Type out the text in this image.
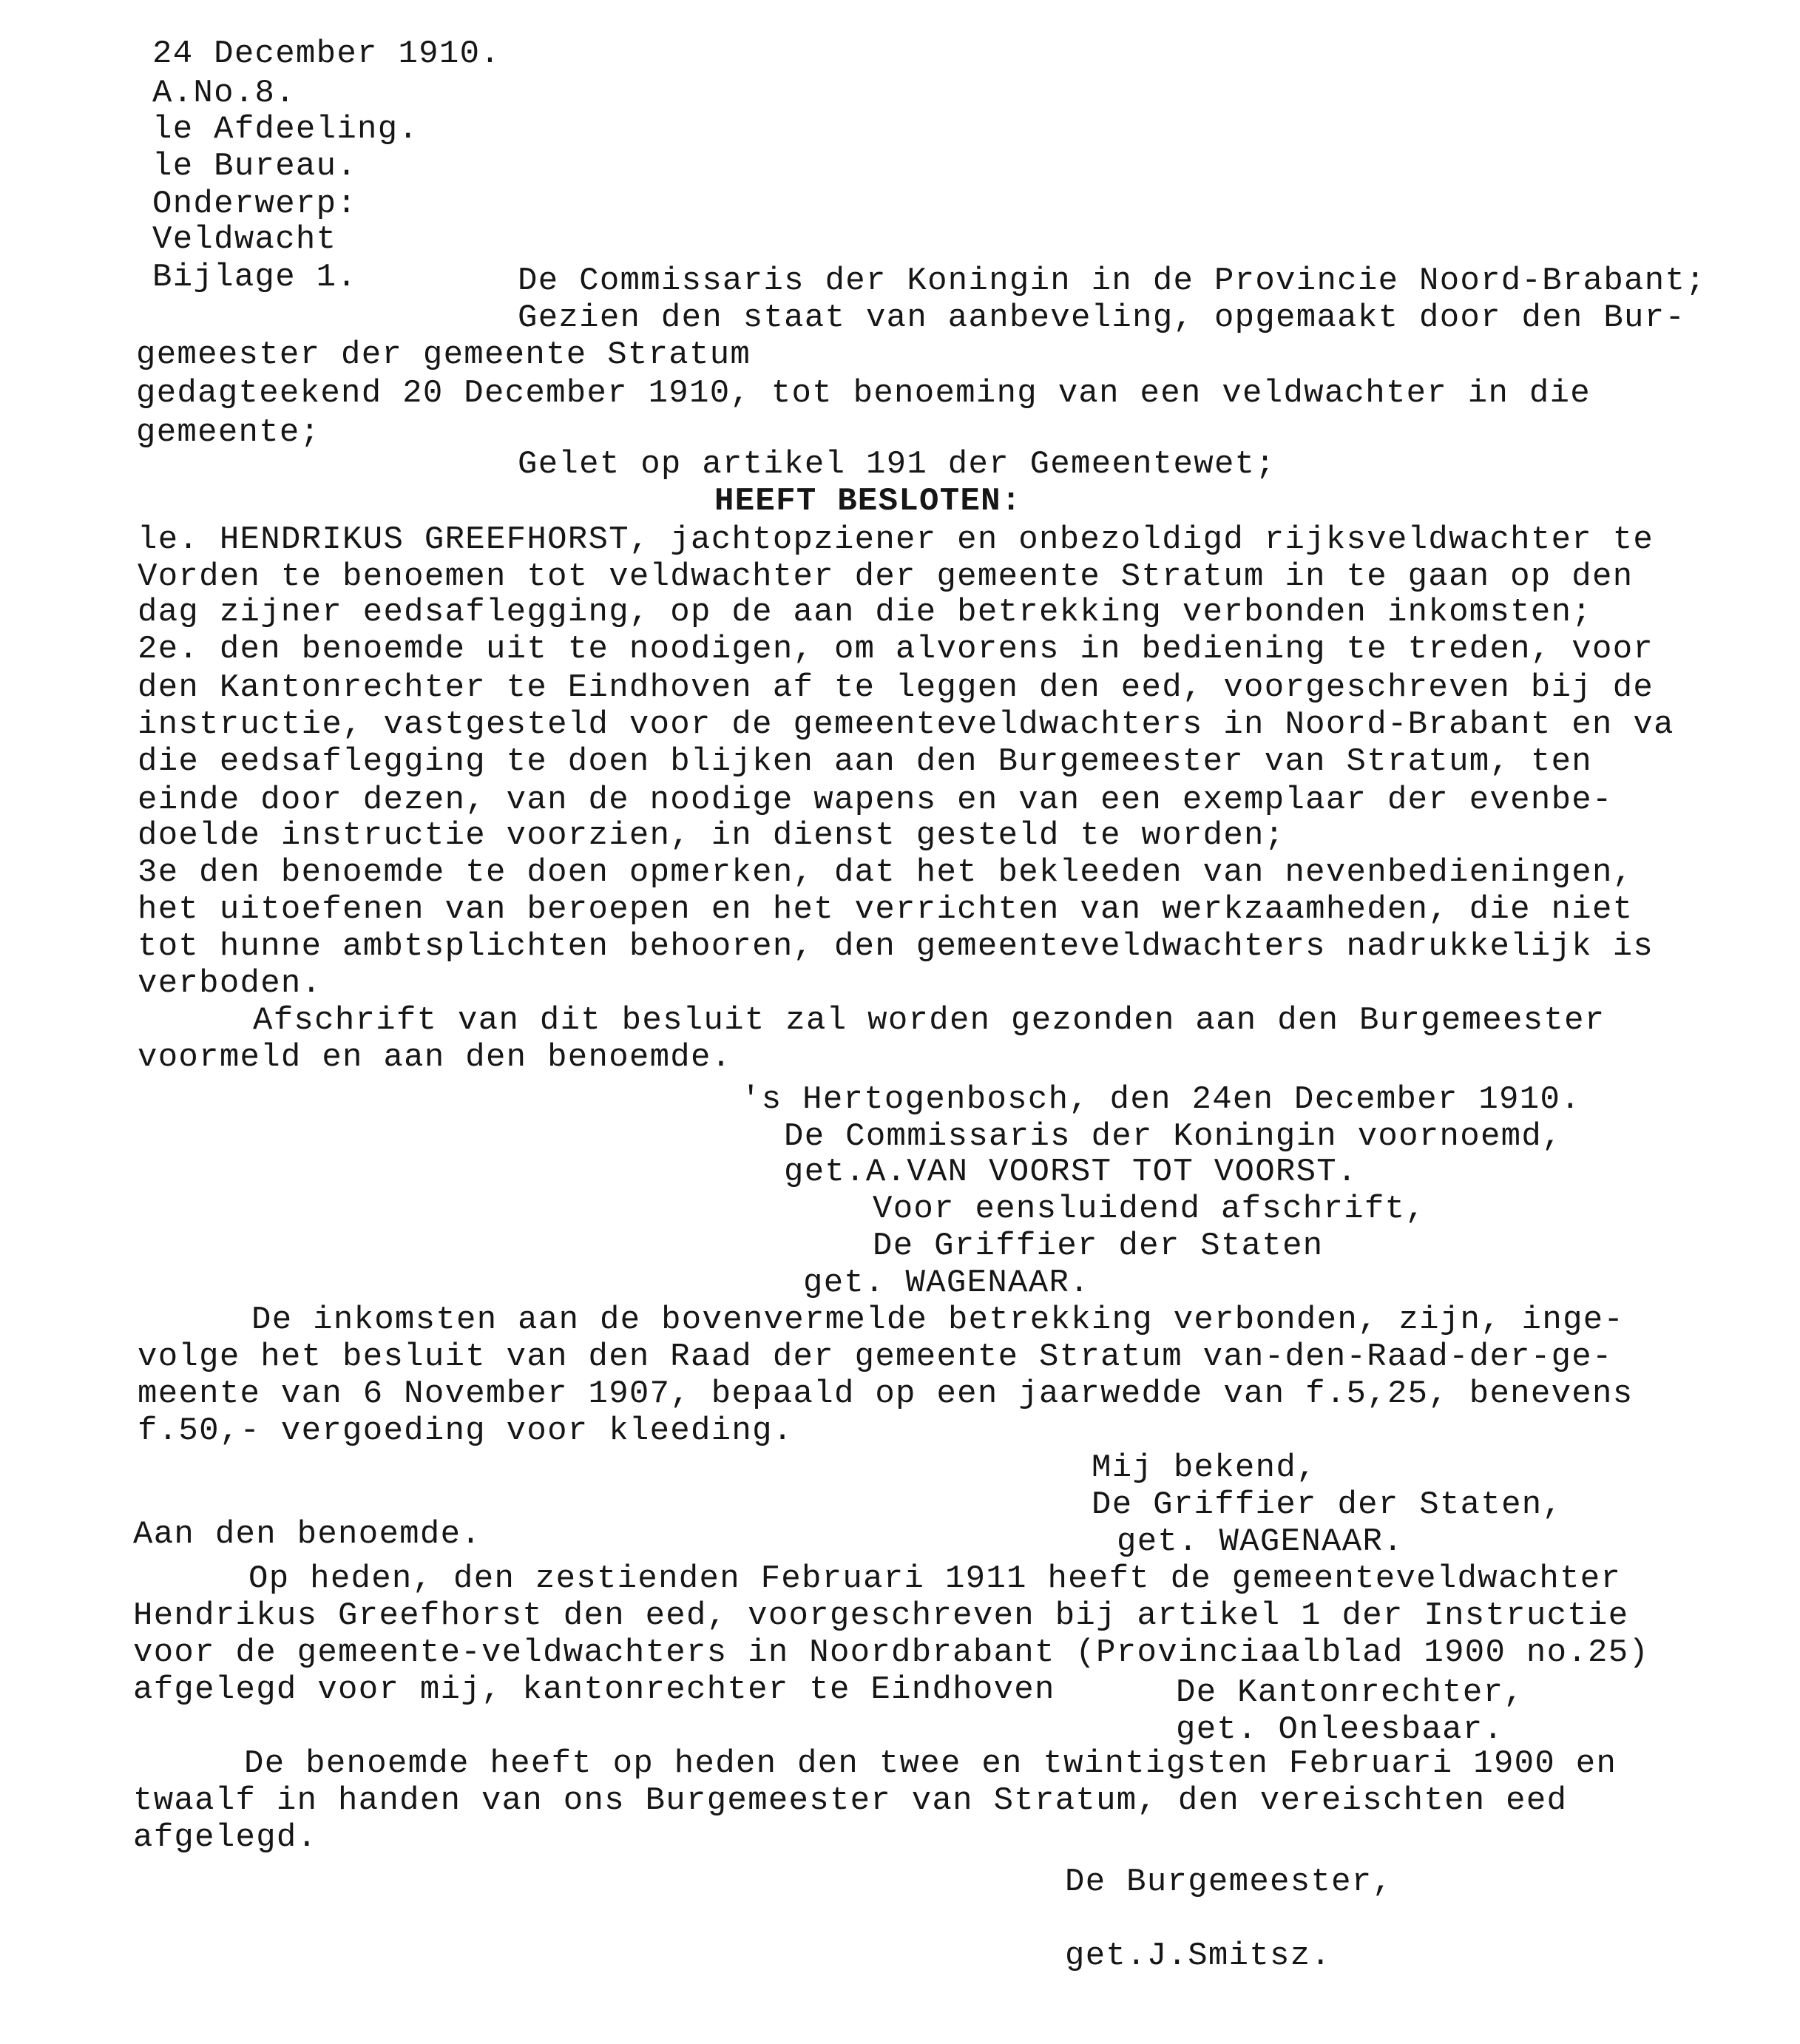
24 December 1910.
A.No.8.
le Afdeeling.
le Bureau.
Onderwerp:
Veldwacht
Bijlage 1.	De Commissaris der Koningin in de Provincie Noord-Brabant;
Gezien den staat van aanbeveling, opgemaakt door den Bur-
gemeester der gemeente Stratum
gedagteekend 20 December 1910, tot benoeming van een veldwachter in die
gemeente;
Gelet op artikel 191 der Gemeentewet;
HEEFT BESLOTEN:
le. HENDRIKUS GREEFHORST, jachtopziener en onbezoldigd rijksveldwachter te
Vorden te benoemen tot veldwachter der gemeente Stratum in te gaan op den
dag zijner eedsaflegging, op de aan die betrekking verbonden inkomsten;
2e. den benoemde uit te noodigen, om alvorens in bediening te treden, voor
den Kantonrechter te Eindhoven af te leggen den eed, voorgeschreven bij de
instructie, vastgesteld voor de gemeenteveldwachters in Noord-Brabant en va
die eedsaflegging te doen blijken aan den Burgemeester van Stratum, ten
einde door dezen, van de noodige wapens en van een exemplaar der evenbe-
doelde instructie voorzien, in dienst gesteld te worden;
3e den benoemde te doen opmerken, dat het bekleeden van nevenbedieningen,
het uitoefenen van beroepen en het verrichten van werkzaamheden, die niet
tot hunne ambtsplichten behooren, den gemeenteveldwachters nadrukkelijk is
verboden.
Afschrift van dit besluit zal worden gezonden aan den Burgemeester
voormeld en aan den benoemde.
's Hertogenbosch, den 24en December 1910.
De Commissaris der Koningin voornoemd,
get.A.VAN VOORST TOT VOORST.
Voor eensluidend afschrift,
De Griffier der Staten
get. WAGENAAR.
De inkomsten aan de bovenvermelde betrekking verbonden, zijn, inge-
volge het besluit van den Raad der gemeente Stratum van-den-Raad-der-ge-
meente van 6 November 1907, bepaald op een jaarwedde van f.5,25, benevens
f.50,- vergoeding voor kleeding.
Mij bekend,
De Griffier der Staten,
Aan den benoemde.	get. WAGENAAR.
Op heden, den zestienden Februari 1911 heeft de gemeenteveldwachter
Hendrikus Greefhorst den eed, voorgeschreven bij artikel 1 der Instructie
voor de gemeente-veldwachters in Noordbrabant (Provinciaalblad 1900 no.25)
afgelegd voor mij, kantonrechter te Eindhoven	De Kantonrechter,
get. Onleesbaar.
De benoemde heeft op heden den twee en twintigsten Februari 1900 en
twaalf in handen van ons Burgemeester van Stratum, den vereischten eed
afgelegd.
De Burgemeester,
get.J.Smitsz.
